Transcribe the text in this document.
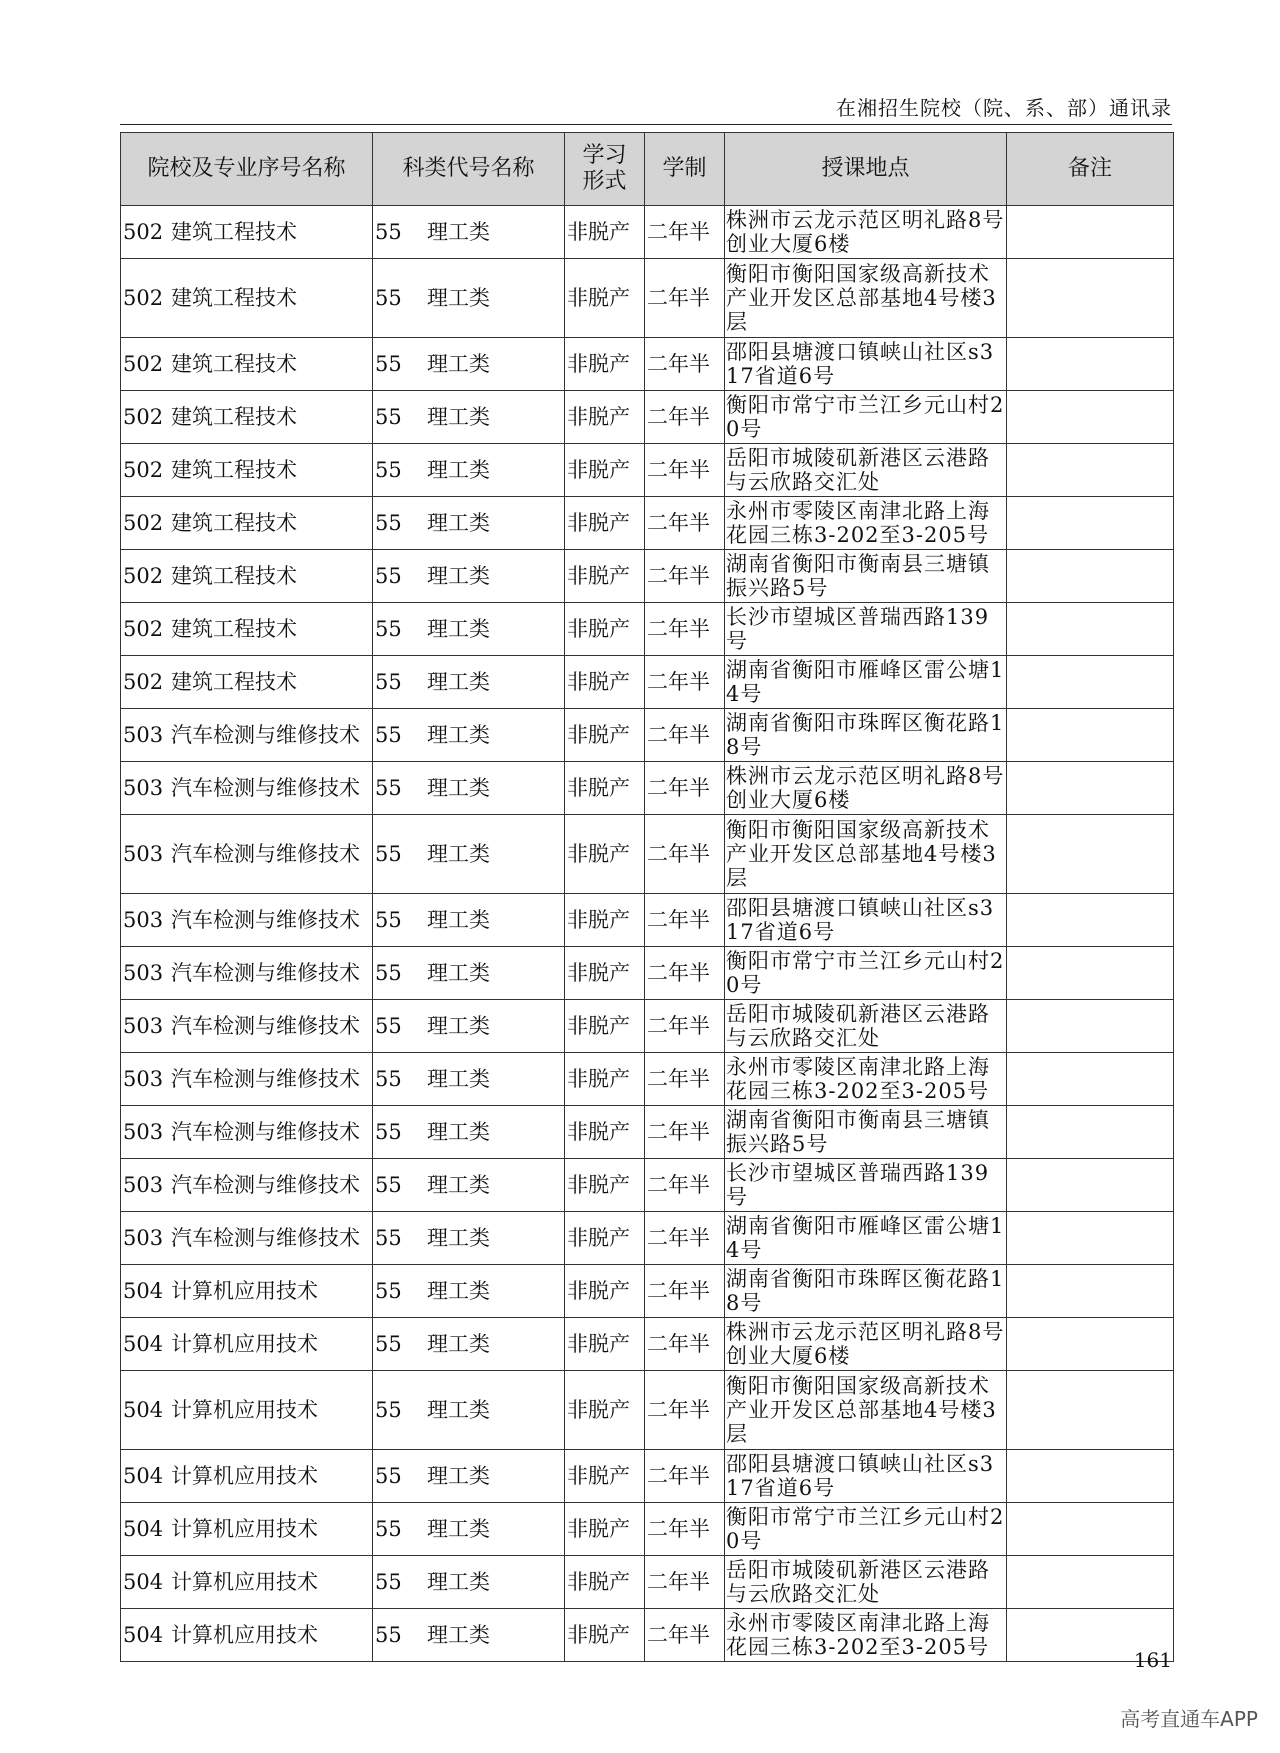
在湘招生院校（院、系、部）通讯录
院校及专业序号名称	科类代号名称	学习形式	学制	授课地点	备注
502 建筑工程技术	55 理工类	非脱产	二年半	株洲市云龙示范区明礼路8号创业大厦6楼	
502 建筑工程技术	55 理工类	非脱产	二年半	衡阳市衡阳国家级高新技术产业开发区总部基地4号楼3层	
502 建筑工程技术	55 理工类	非脱产	二年半	邵阳县塘渡口镇峡山社区s317省道6号	
502 建筑工程技术	55 理工类	非脱产	二年半	衡阳市常宁市兰江乡元山村20号	
502 建筑工程技术	55 理工类	非脱产	二年半	岳阳市城陵矶新港区云港路与云欣路交汇处	
502 建筑工程技术	55 理工类	非脱产	二年半	永州市零陵区南津北路上海花园三栋3-202至3-205号	
502 建筑工程技术	55 理工类	非脱产	二年半	湖南省衡阳市衡南县三塘镇振兴路5号	
502 建筑工程技术	55 理工类	非脱产	二年半	长沙市望城区普瑞西路139号	
502 建筑工程技术	55 理工类	非脱产	二年半	湖南省衡阳市雁峰区雷公塘14号	
503 汽车检测与维修技术	55 理工类	非脱产	二年半	湖南省衡阳市珠晖区衡花路18号	
503 汽车检测与维修技术	55 理工类	非脱产	二年半	株洲市云龙示范区明礼路8号创业大厦6楼	
503 汽车检测与维修技术	55 理工类	非脱产	二年半	衡阳市衡阳国家级高新技术产业开发区总部基地4号楼3层	
503 汽车检测与维修技术	55 理工类	非脱产	二年半	邵阳县塘渡口镇峡山社区s317省道6号	
503 汽车检测与维修技术	55 理工类	非脱产	二年半	衡阳市常宁市兰江乡元山村20号	
503 汽车检测与维修技术	55 理工类	非脱产	二年半	岳阳市城陵矶新港区云港路与云欣路交汇处	
503 汽车检测与维修技术	55 理工类	非脱产	二年半	永州市零陵区南津北路上海花园三栋3-202至3-205号	
503 汽车检测与维修技术	55 理工类	非脱产	二年半	湖南省衡阳市衡南县三塘镇振兴路5号	
503 汽车检测与维修技术	55 理工类	非脱产	二年半	长沙市望城区普瑞西路139号	
503 汽车检测与维修技术	55 理工类	非脱产	二年半	湖南省衡阳市雁峰区雷公塘14号	
504 计算机应用技术	55 理工类	非脱产	二年半	湖南省衡阳市珠晖区衡花路18号	
504 计算机应用技术	55 理工类	非脱产	二年半	株洲市云龙示范区明礼路8号创业大厦6楼	
504 计算机应用技术	55 理工类	非脱产	二年半	衡阳市衡阳国家级高新技术产业开发区总部基地4号楼3层	
504 计算机应用技术	55 理工类	非脱产	二年半	邵阳县塘渡口镇峡山社区s317省道6号	
504 计算机应用技术	55 理工类	非脱产	二年半	衡阳市常宁市兰江乡元山村20号	
504 计算机应用技术	55 理工类	非脱产	二年半	岳阳市城陵矶新港区云港路与云欣路交汇处	
504 计算机应用技术	55 理工类	非脱产	二年半	永州市零陵区南津北路上海花园三栋3-202至3-205号	
161
高考直通车APP
